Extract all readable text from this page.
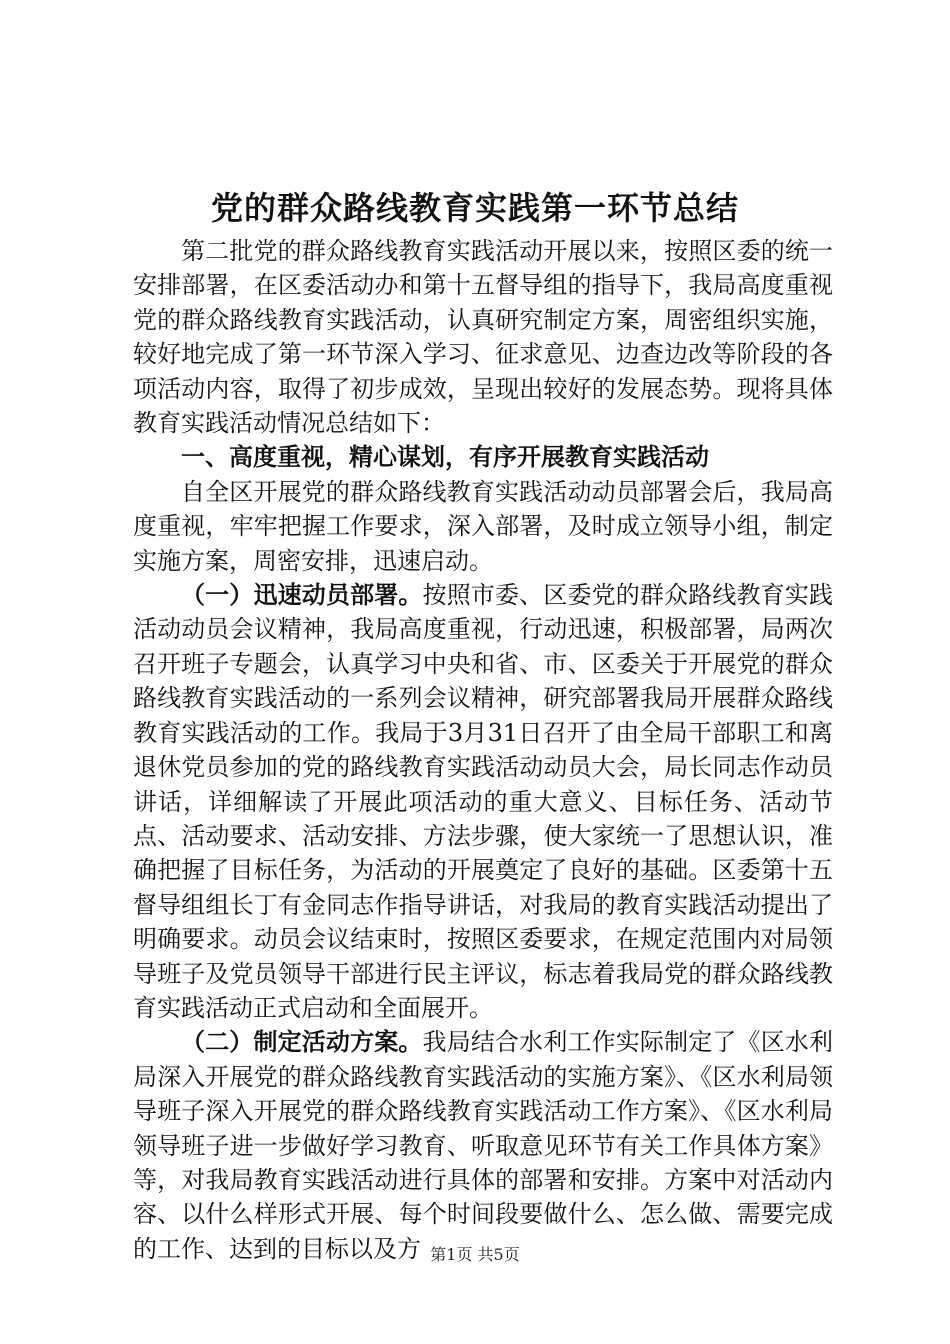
党的群众路线教育实践第一环节总结

第二批党的群众路线教育实践活动开展以来，按照区委的统一安排部署，在区委活动办和第十五督导组的指导下，我局高度重视党的群众路线教育实践活动，认真研究制定方案，周密组织实施，较好地完成了第一环节深入学习、征求意见、边查边改等阶段的各项活动内容，取得了初步成效，呈现出较好的发展态势。现将具体教育实践活动情况总结如下：

一、高度重视，精心谋划，有序开展教育实践活动

自全区开展党的群众路线教育实践活动动员部署会后，我局高度重视，牢牢把握工作要求，深入部署，及时成立领导小组，制定实施方案，周密安排，迅速启动。

（一）迅速动员部署。按照市委、区委党的群众路线教育实践活动动员会议精神，我局高度重视，行动迅速，积极部署，局两次召开班子专题会，认真学习中央和省、市、区委关于开展党的群众路线教育实践活动的一系列会议精神，研究部署我局开展群众路线教育实践活动的工作。我局于3月31日召开了由全局干部职工和离退休党员参加的党的路线教育实践活动动员大会，局长同志作动员讲话，详细解读了开展此项活动的重大意义、目标任务、活动节点、活动要求、活动安排、方法步骤，使大家统一了思想认识，准确把握了目标任务，为活动的开展奠定了良好的基础。区委第十五督导组组长丁有金同志作指导讲话，对我局的教育实践活动提出了明确要求。动员会议结束时，按照区委要求，在规定范围内对局领导班子及党员领导干部进行民主评议，标志着我局党的群众路线教育实践活动正式启动和全面展开。

（二）制定活动方案。我局结合水利工作实际制定了《区水利局深入开展党的群众路线教育实践活动的实施方案》、《区水利局领导班子深入开展党的群众路线教育实践活动工作方案》、《区水利局领导班子进一步做好学习教育、听取意见环节有关工作具体方案》等，对我局教育实践活动进行具体的部署和安排。方案中对活动内容、以什么样形式开展、每个时间段要做什么、怎么做、需要完成的工作、达到的目标以及方 第1页 共5页
